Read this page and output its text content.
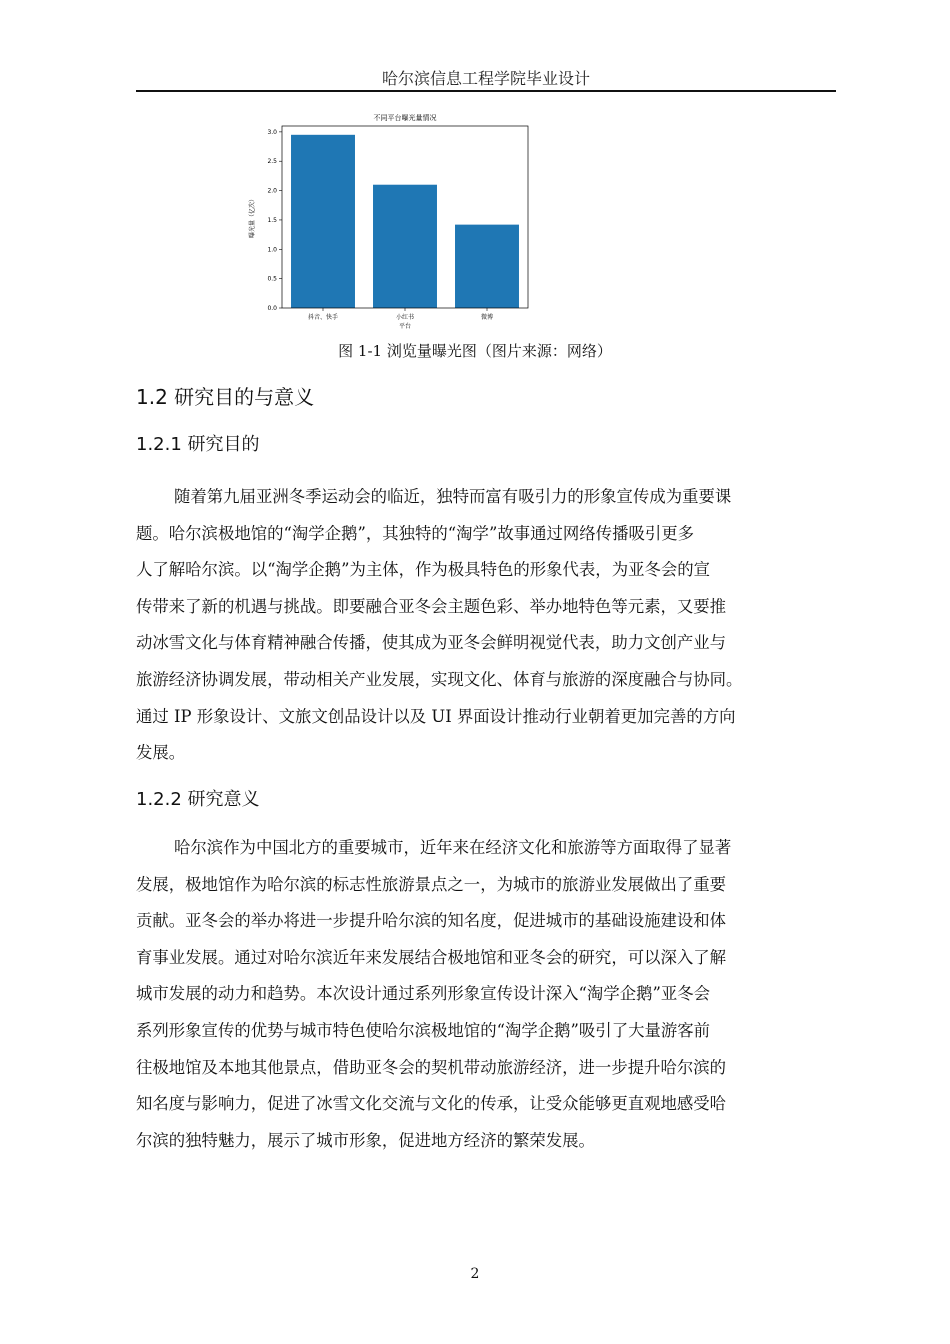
哈尔滨信息工程学院毕业设计
不同平台曝光量情况
抖音、快手	小红书	微博
0.0
0.5
1.0
1.5
2.0
2.5
3.0
平台
曝光量（亿次）
图 1-1 浏览量曝光图（图片来源：网络）
1.2 研究目的与意义
1.2.1 研究目的

随着第九届亚洲冬季运动会的临近，独特而富有吸引力的形象宣传成为重要课

题。哈尔滨极地馆的“淘学企鹅”，其独特的“淘学”故事通过网络传播吸引更多

人了解哈尔滨。以“淘学企鹅”为主体，作为极具特色的形象代表，为亚冬会的宣

传带来了新的机遇与挑战。即要融合亚冬会主题色彩、举办地特色等元素，又要推

动冰雪文化与体育精神融合传播，使其成为亚冬会鲜明视觉代表，助力文创产业与

旅游经济协调发展，带动相关产业发展，实现文化、体育与旅游的深度融合与协同。

通过 IP 形象设计、文旅文创品设计以及 UI 界面设计推动行业朝着更加完善的方向

发展。

1.2.2 研究意义

哈尔滨作为中国北方的重要城市，近年来在经济文化和旅游等方面取得了显著

发展，极地馆作为哈尔滨的标志性旅游景点之一，为城市的旅游业发展做出了重要

贡献。亚冬会的举办将进一步提升哈尔滨的知名度，促进城市的基础设施建设和体

育事业发展。通过对哈尔滨近年来发展结合极地馆和亚冬会的研究，可以深入了解

城市发展的动力和趋势。本次设计通过系列形象宣传设计深入“淘学企鹅”亚冬会

系列形象宣传的优势与城市特色使哈尔滨极地馆的“淘学企鹅”吸引了大量游客前

往极地馆及本地其他景点，借助亚冬会的契机带动旅游经济，进一步提升哈尔滨的

知名度与影响力，促进了冰雪文化交流与文化的传承，让受众能够更直观地感受哈

尔滨的独特魅力，展示了城市形象，促进地方经济的繁荣发展。

2
